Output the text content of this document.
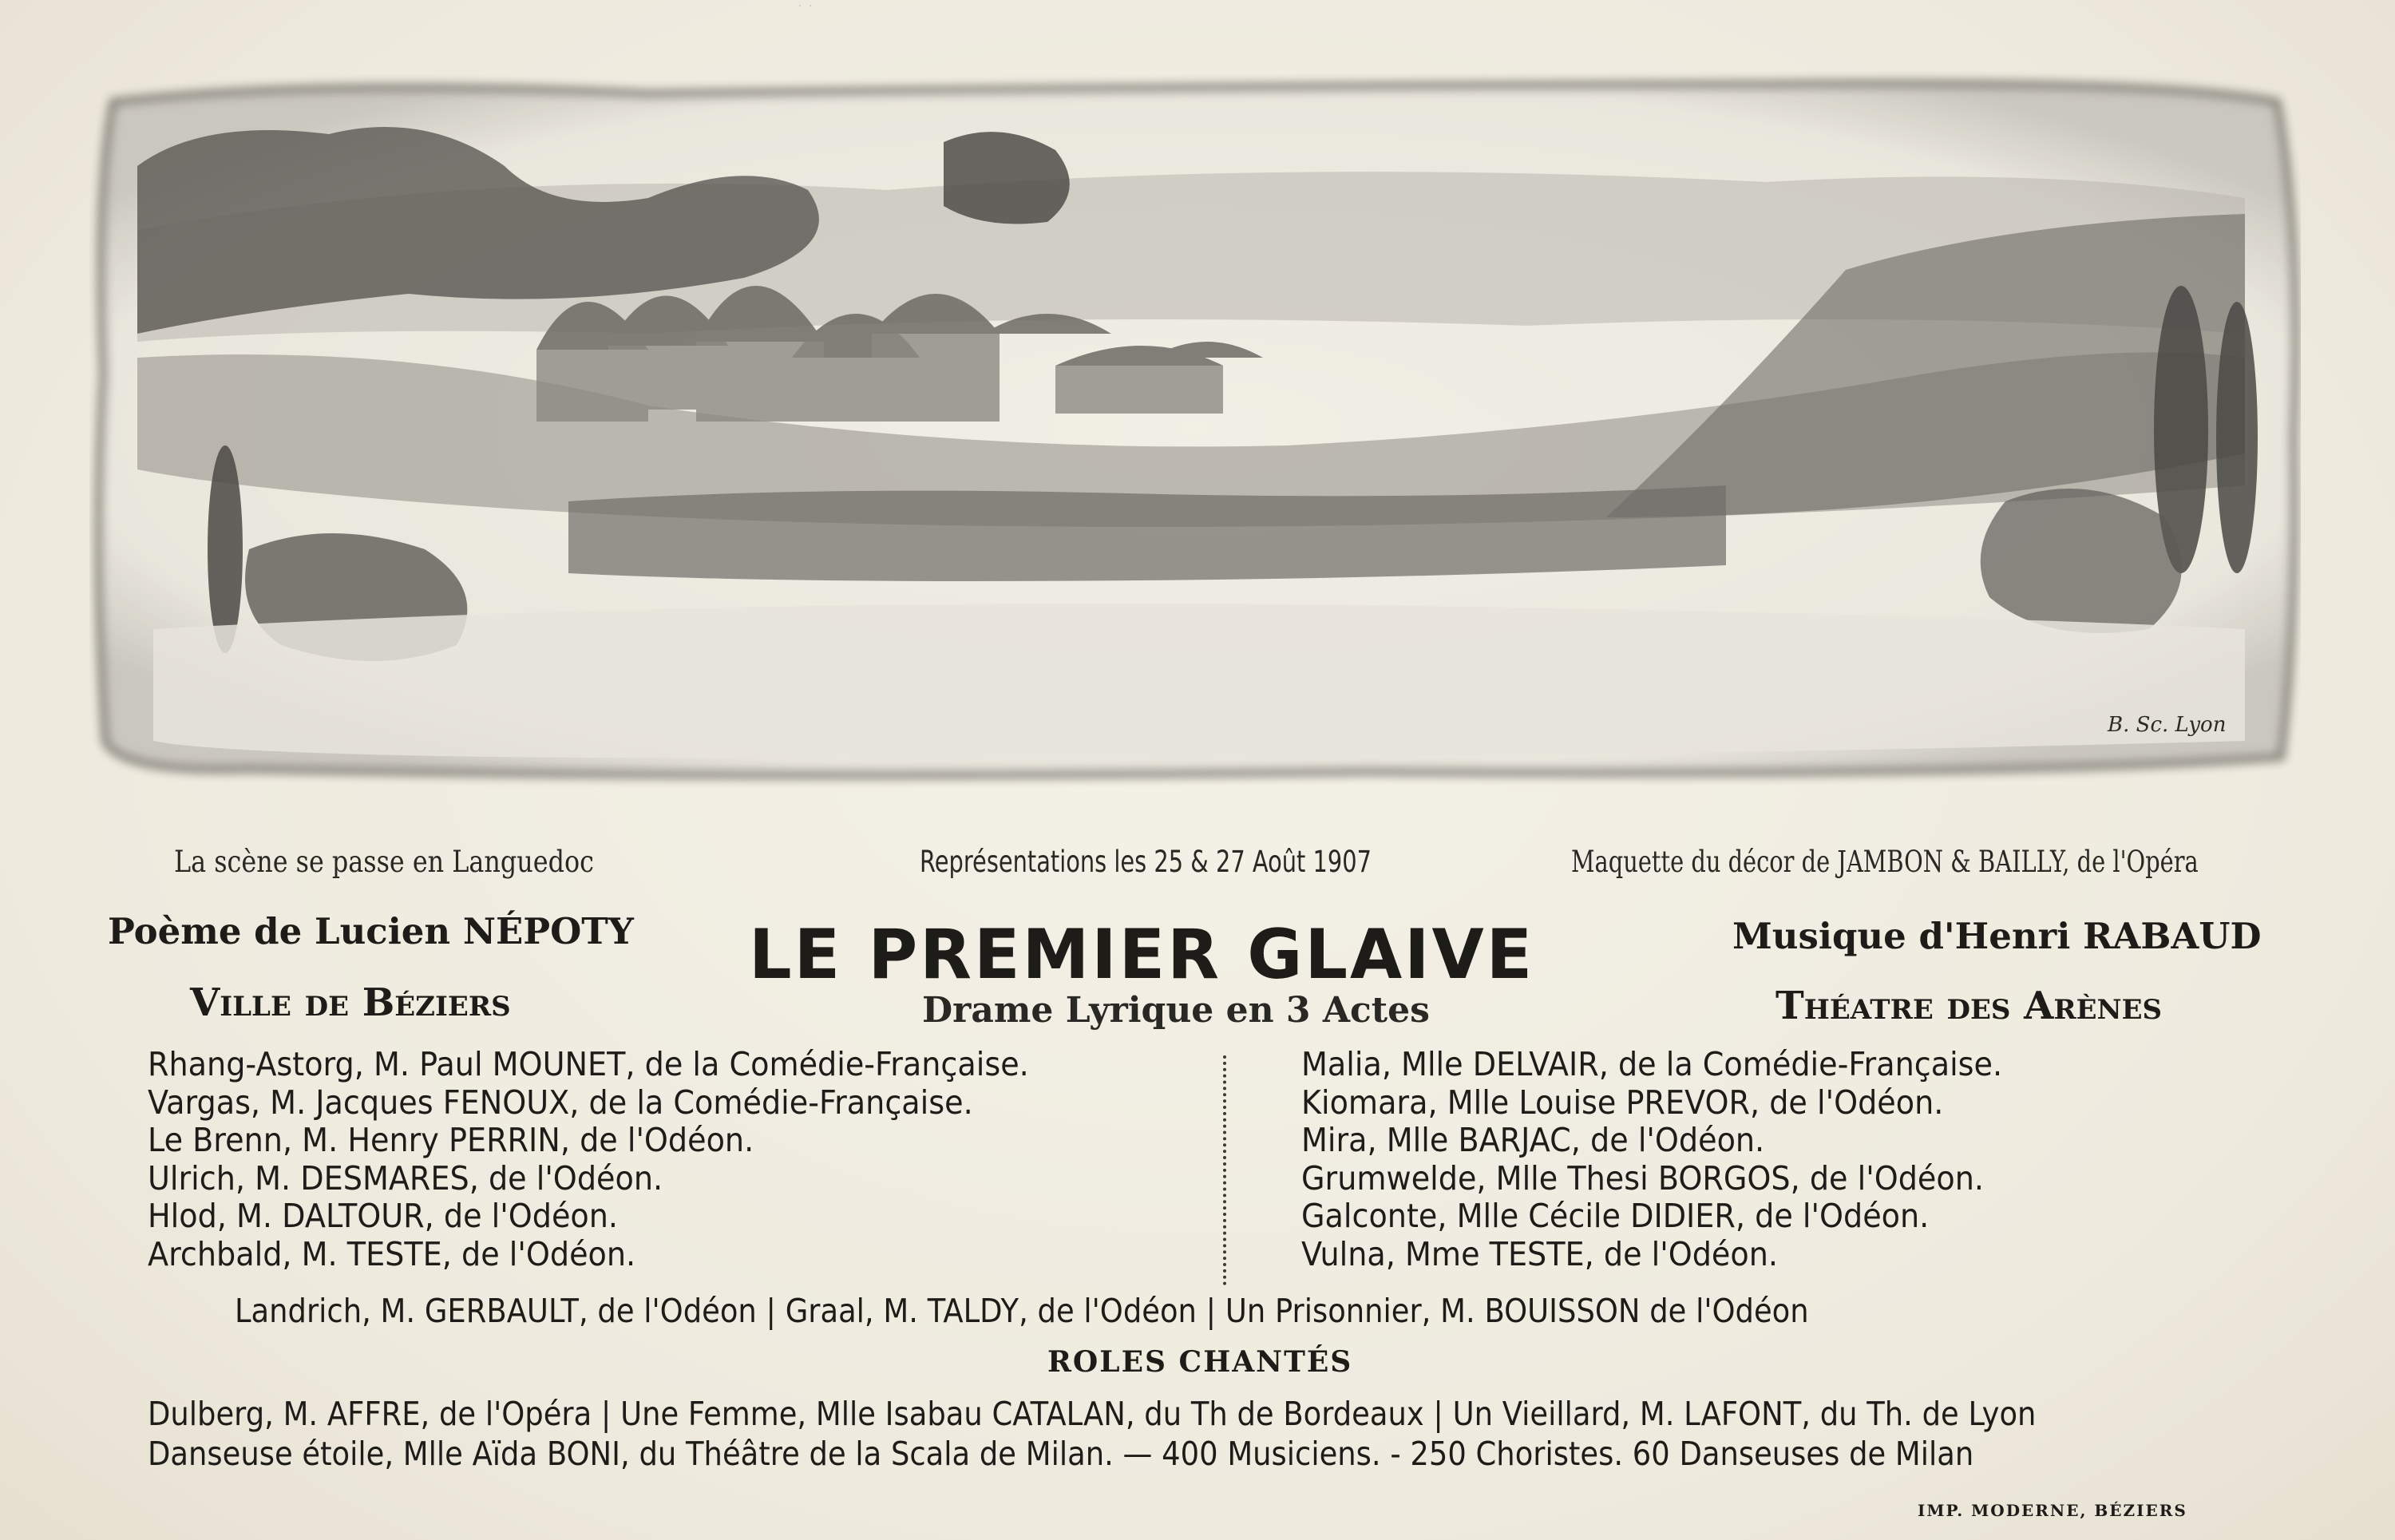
· ·
B. Sc. Lyon
La scène se passe en Languedoc	Représentations les 25 & 27 Août 1907	Maquette du décor de JAMBON & BAILLY, de l'Opéra
Poème de Lucien NÉPOTY	Musique d'Henri RABAUD
Ville de Béziers	Théatre des Arènes
LE PREMIER GLAIVE
Drame Lyrique en 3 Actes
Rhang-Astorg, M. Paul MOUNET, de la Comédie-Française.
Vargas, M. Jacques FENOUX, de la Comédie-Française.
Le Brenn, M. Henry PERRIN, de l'Odéon.
Ulrich, M. DESMARES, de l'Odéon.
Hlod, M. DALTOUR, de l'Odéon.
Archbald, M. TESTE, de l'Odéon.
Malia, Mlle DELVAIR, de la Comédie-Française.
Kiomara, Mlle Louise PREVOR, de l'Odéon.
Mira, Mlle BARJAC, de l'Odéon.
Grumwelde, Mlle Thesi BORGOS, de l'Odéon.
Galconte, Mlle Cécile DIDIER, de l'Odéon.
Vulna, Mme TESTE, de l'Odéon.
Landrich, M. GERBAULT, de l'Odéon | Graal, M. TALDY, de l'Odéon | Un Prisonnier, M. BOUISSON de l'Odéon
ROLES CHANTÉS
Dulberg, M. AFFRE, de l'Opéra | Une Femme, Mlle Isabau CATALAN, du Th de Bordeaux | Un Vieillard, M. LAFONT, du Th. de Lyon
Danseuse étoile, Mlle Aïda BONI, du Théâtre de la Scala de Milan. — 400 Musiciens. - 250 Choristes. 60 Danseuses de Milan
IMP. MODERNE, BÉZIERS
